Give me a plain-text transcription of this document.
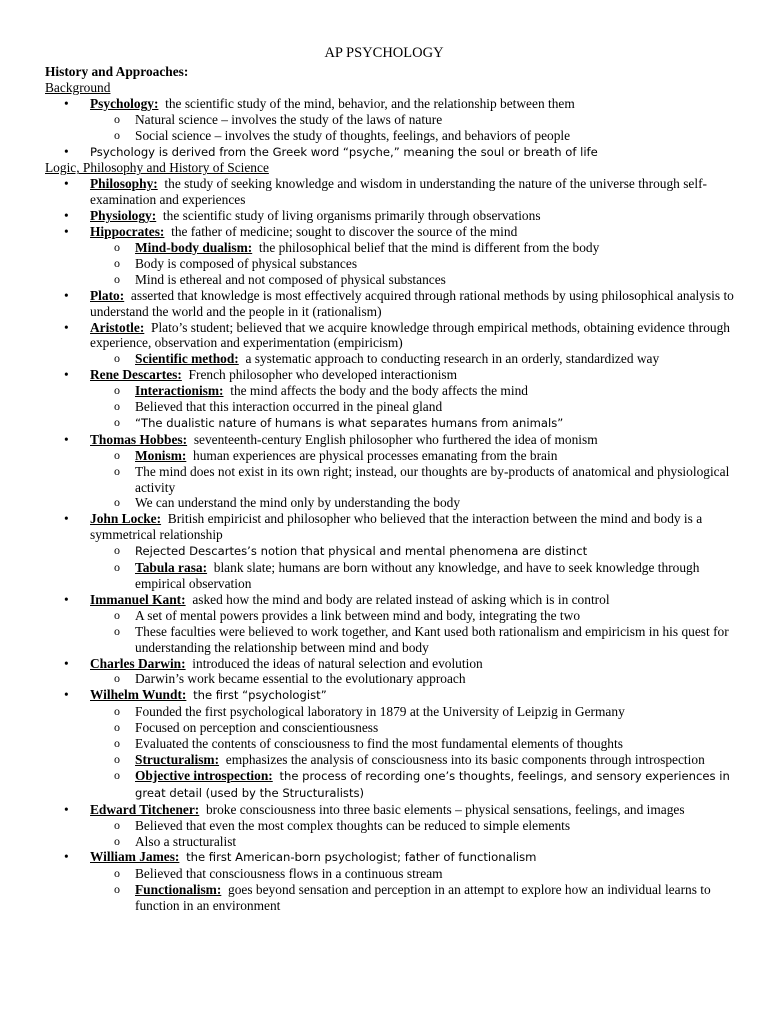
AP PSYCHOLOGY
History and Approaches:
Background
• Psychology: the scientific study of the mind, behavior, and the relationship between them
o Natural science – involves the study of the laws of nature
o Social science – involves the study of thoughts, feelings, and behaviors of people
• Psychology is derived from the Greek word “psyche,” meaning the soul or breath of life
Logic, Philosophy and History of Science
• Philosophy: the study of seeking knowledge and wisdom in understanding the nature of the universe through self-examination and experiences
• Physiology: the scientific study of living organisms primarily through observations
• Hippocrates: the father of medicine; sought to discover the source of the mind
o Mind-body dualism: the philosophical belief that the mind is different from the body
o Body is composed of physical substances
o Mind is ethereal and not composed of physical substances
• Plato: asserted that knowledge is most effectively acquired through rational methods by using philosophical analysis to understand the world and the people in it (rationalism)
• Aristotle: Plato’s student; believed that we acquire knowledge through empirical methods, obtaining evidence through experience, observation and experimentation (empiricism)
o Scientific method: a systematic approach to conducting research in an orderly, standardized way
• Rene Descartes: French philosopher who developed interactionism
o Interactionism: the mind affects the body and the body affects the mind
o Believed that this interaction occurred in the pineal gland
o “The dualistic nature of humans is what separates humans from animals”
• Thomas Hobbes: seventeenth-century English philosopher who furthered the idea of monism
o Monism: human experiences are physical processes emanating from the brain
o The mind does not exist in its own right; instead, our thoughts are by-products of anatomical and physiological activity
o We can understand the mind only by understanding the body
• John Locke: British empiricist and philosopher who believed that the interaction between the mind and body is a symmetrical relationship
o Rejected Descartes’s notion that physical and mental phenomena are distinct
o Tabula rasa: blank slate; humans are born without any knowledge, and have to seek knowledge through empirical observation
• Immanuel Kant: asked how the mind and body are related instead of asking which is in control
o A set of mental powers provides a link between mind and body, integrating the two
o These faculties were believed to work together, and Kant used both rationalism and empiricism in his quest for understanding the relationship between mind and body
• Charles Darwin: introduced the ideas of natural selection and evolution
o Darwin’s work became essential to the evolutionary approach
• Wilhelm Wundt: the first “psychologist”
o Founded the first psychological laboratory in 1879 at the University of Leipzig in Germany
o Focused on perception and conscientiousness
o Evaluated the contents of consciousness to find the most fundamental elements of thoughts
o Structuralism: emphasizes the analysis of consciousness into its basic components through introspection
o Objective introspection: the process of recording one’s thoughts, feelings, and sensory experiences in great detail (used by the Structuralists)
• Edward Titchener: broke consciousness into three basic elements – physical sensations, feelings, and images
o Believed that even the most complex thoughts can be reduced to simple elements
o Also a structuralist
• William James: the first American-born psychologist; father of functionalism
o Believed that consciousness flows in a continuous stream
o Functionalism: goes beyond sensation and perception in an attempt to explore how an individual learns to function in an environment
